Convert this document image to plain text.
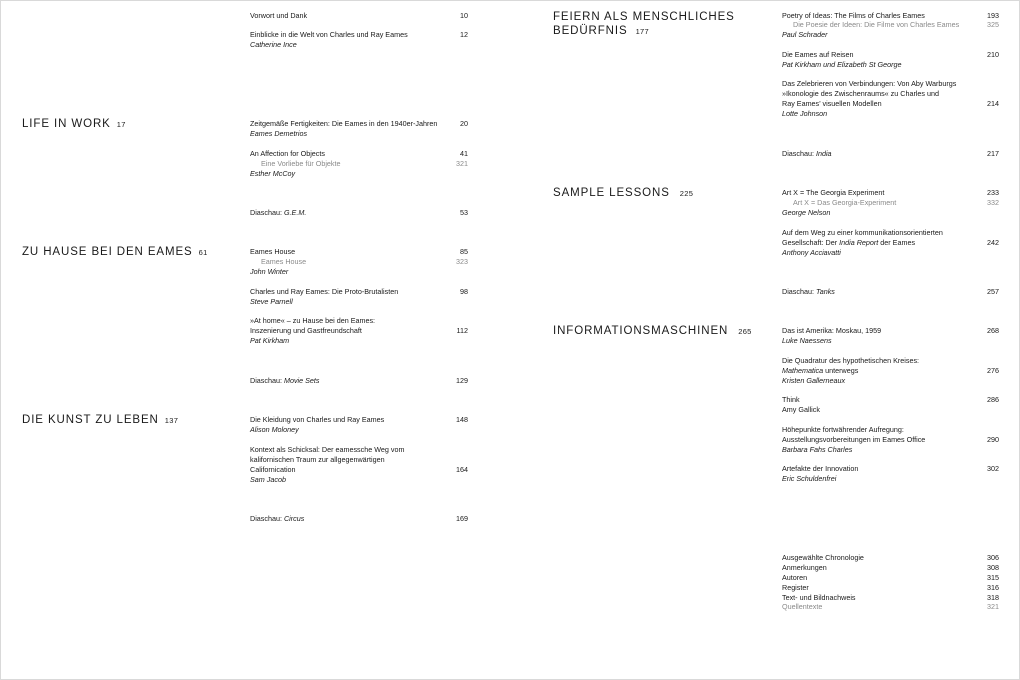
LIFE IN WORK 17
ZU HAUSE BEI DEN EAMES 61
DIE KUNST ZU LEBEN 137
Vorwort und Dank	10
Einblicke in die Welt von Charles und Ray Eames	12
Catherine Ince
Zeitgemäße Fertigkeiten: Die Eames in den 1940er-Jahren	20
Eames Demetrios
An Affection for Objects	41
Eine Vorliebe für Objekte	321
Esther McCoy
Diaschau: G.E.M.	53
Eames House	85
Eames House	323
John Winter
Charles und Ray Eames: Die Proto-Brutalisten	98
Steve Parnell
»At home« – zu Hause bei den Eames:
Inszenierung und Gastfreundschaft	112
Pat Kirkham
Diaschau: Movie Sets	129
Die Kleidung von Charles und Ray Eames	148
Alison Moloney
Kontext als Schicksal: Der eamessche Weg vom
kalifornischen Traum zur allgegenwärtigen
Californication	164
Sam Jacob
Diaschau: Circus	169
FEIERN ALS MENSCHLICHES
BEDÜRFNIS 177
SAMPLE LESSONS 225
INFORMATIONSMASCHINEN 265
Poetry of Ideas: The Films of Charles Eames	193
Die Poesie der Ideen: Die Filme von Charles Eames	325
Paul Schrader
Die Eames auf Reisen	210
Pat Kirkham und Elizabeth St George
Das Zelebrieren von Verbindungen: Von Aby Warburgs
»Ikonologie des Zwischenraums« zu Charles und
Ray Eames’ visuellen Modellen	214
Lotte Johnson
Diaschau: India	217
Art X = The Georgia Experiment	233
Art X = Das Georgia-Experiment	332
George Nelson
Auf dem Weg zu einer kommunikationsorientierten
Gesellschaft: Der India Report der Eames	242
Anthony Acciavatti
Diaschau: Tanks	257
Das ist Amerika: Moskau, 1959	268
Luke Naessens
Die Quadratur des hypothetischen Kreises:
Mathematica unterwegs	276
Kristen Gallerneaux
Think	286
Amy Gallick
Höhepunkte fortwährender Aufregung:
Ausstellungsvorbereitungen im Eames Office	290
Barbara Fahs Charles
Artefakte der Innovation	302
Eric Schuldenfrei
Ausgewählte Chronologie	306
Anmerkungen	308
Autoren	315
Register	316
Text- und Bildnachweis	318
Quellentexte	321
